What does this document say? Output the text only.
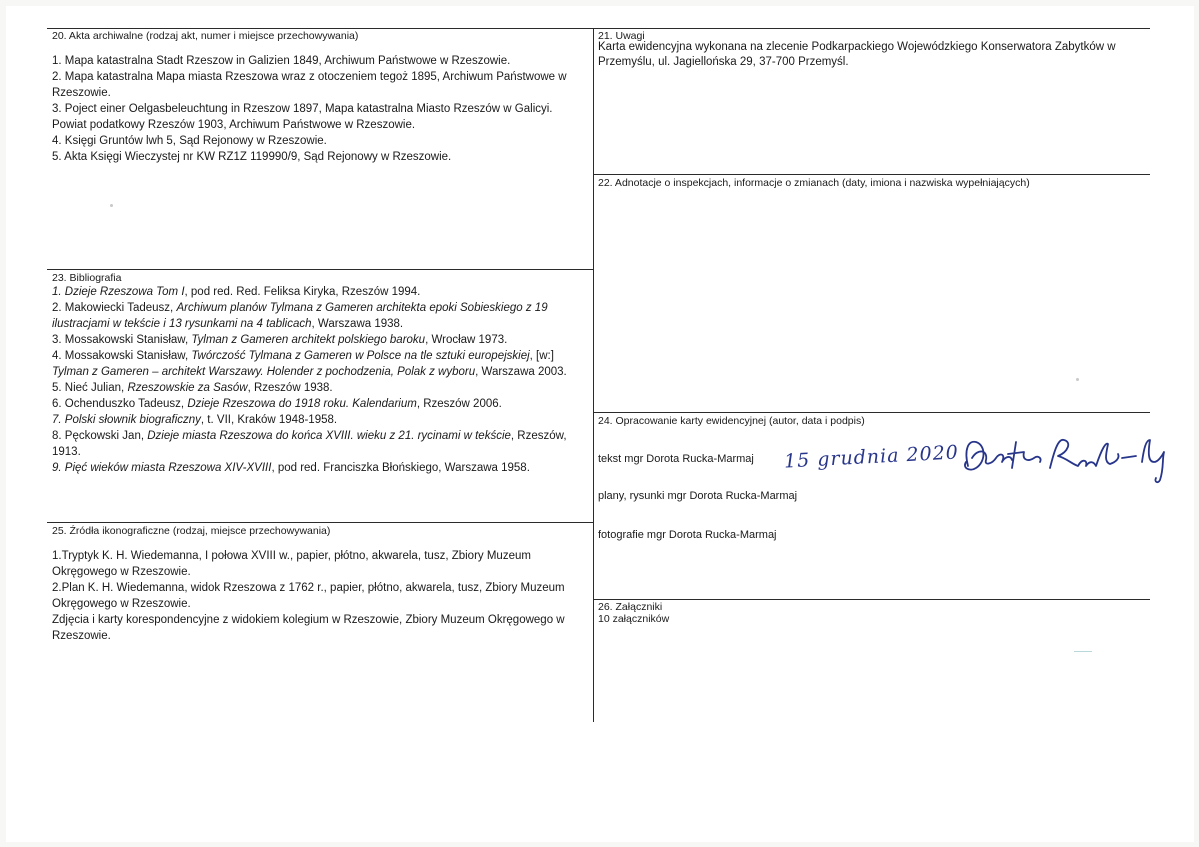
20. Akta archiwalne (rodzaj akt, numer i miejsce przechowywania)
1. Mapa katastralna Stadt Rzeszow in Galizien 1849, Archiwum Państwowe w Rzeszowie.
2. Mapa katastralna Mapa miasta Rzeszowa wraz z otoczeniem tegoż 1895, Archiwum Państwowe w Rzeszowie.
3. Poject einer Oelgasbeleuchtung in Rzeszow 1897, Mapa katastralna Miasto Rzeszów w Galicyi. Powiat podatkowy Rzeszów 1903, Archiwum Państwowe w Rzeszowie.
4. Księgi Gruntów lwh 5, Sąd Rejonowy w Rzeszowie.
5. Akta Księgi Wieczystej nr KW RZ1Z 119990/9, Sąd Rejonowy w Rzeszowie.
21. Uwagi
Karta ewidencyjna wykonana na zlecenie Podkarpackiego Wojewódzkiego Konserwatora Zabytków w Przemyślu, ul. Jagiellońska 29, 37-700 Przemyśl.
22. Adnotacje o inspekcjach, informacje o zmianach (daty, imiona i nazwiska wypełniających)
23. Bibliografia
1. Dzieje Rzeszowa Tom I, pod red. Red. Feliksa Kiryka, Rzeszów 1994.
2. Makowiecki Tadeusz, Archiwum planów Tylmana z Gameren architekta epoki Sobieskiego z 19 ilustracjami w tekście i 13 rysunkami na 4 tablicach, Warszawa 1938.
3. Mossakowski Stanisław, Tylman z Gameren architekt polskiego baroku, Wrocław 1973.
4. Mossakowski Stanisław, Twórczość Tylmana z Gameren w Polsce na tle sztuki europejskiej, [w:] Tylman z Gameren – architekt Warszawy. Holender z pochodzenia, Polak z wyboru, Warszawa 2003.
5. Nieć Julian, Rzeszowskie za Sasów, Rzeszów 1938.
6. Ochenduszko Tadeusz, Dzieje Rzeszowa do 1918 roku. Kalendarium, Rzeszów 2006.
7. Polski słownik biograficzny, t. VII, Kraków 1948-1958.
8. Pęckowski Jan, Dzieje miasta Rzeszowa do końca XVIII. wieku z 21. rycinami w tekście, Rzeszów, 1913.
9. Pięć wieków miasta Rzeszowa XIV-XVIII, pod red. Franciszka Błońskiego, Warszawa 1958.
24. Opracowanie karty ewidencyjnej (autor, data i podpis)
tekst mgr Dorota Rucka-Marmaj
plany, rysunki mgr Dorota Rucka-Marmaj
fotografie mgr Dorota Rucka-Marmaj
15 grudnia 2020
25. Źródła ikonograficzne (rodzaj, miejsce przechowywania)
1.Tryptyk K. H. Wiedemanna, I połowa XVIII w., papier, płótno, akwarela, tusz, Zbiory Muzeum Okręgowego w Rzeszowie.
2.Plan K. H. Wiedemanna, widok Rzeszowa z 1762 r., papier, płótno, akwarela, tusz, Zbiory Muzeum Okręgowego w Rzeszowie.
Zdjęcia i karty korespondencyjne z widokiem kolegium w Rzeszowie, Zbiory Muzeum Okręgowego w Rzeszowie.
26. Załączniki
10 załączników
